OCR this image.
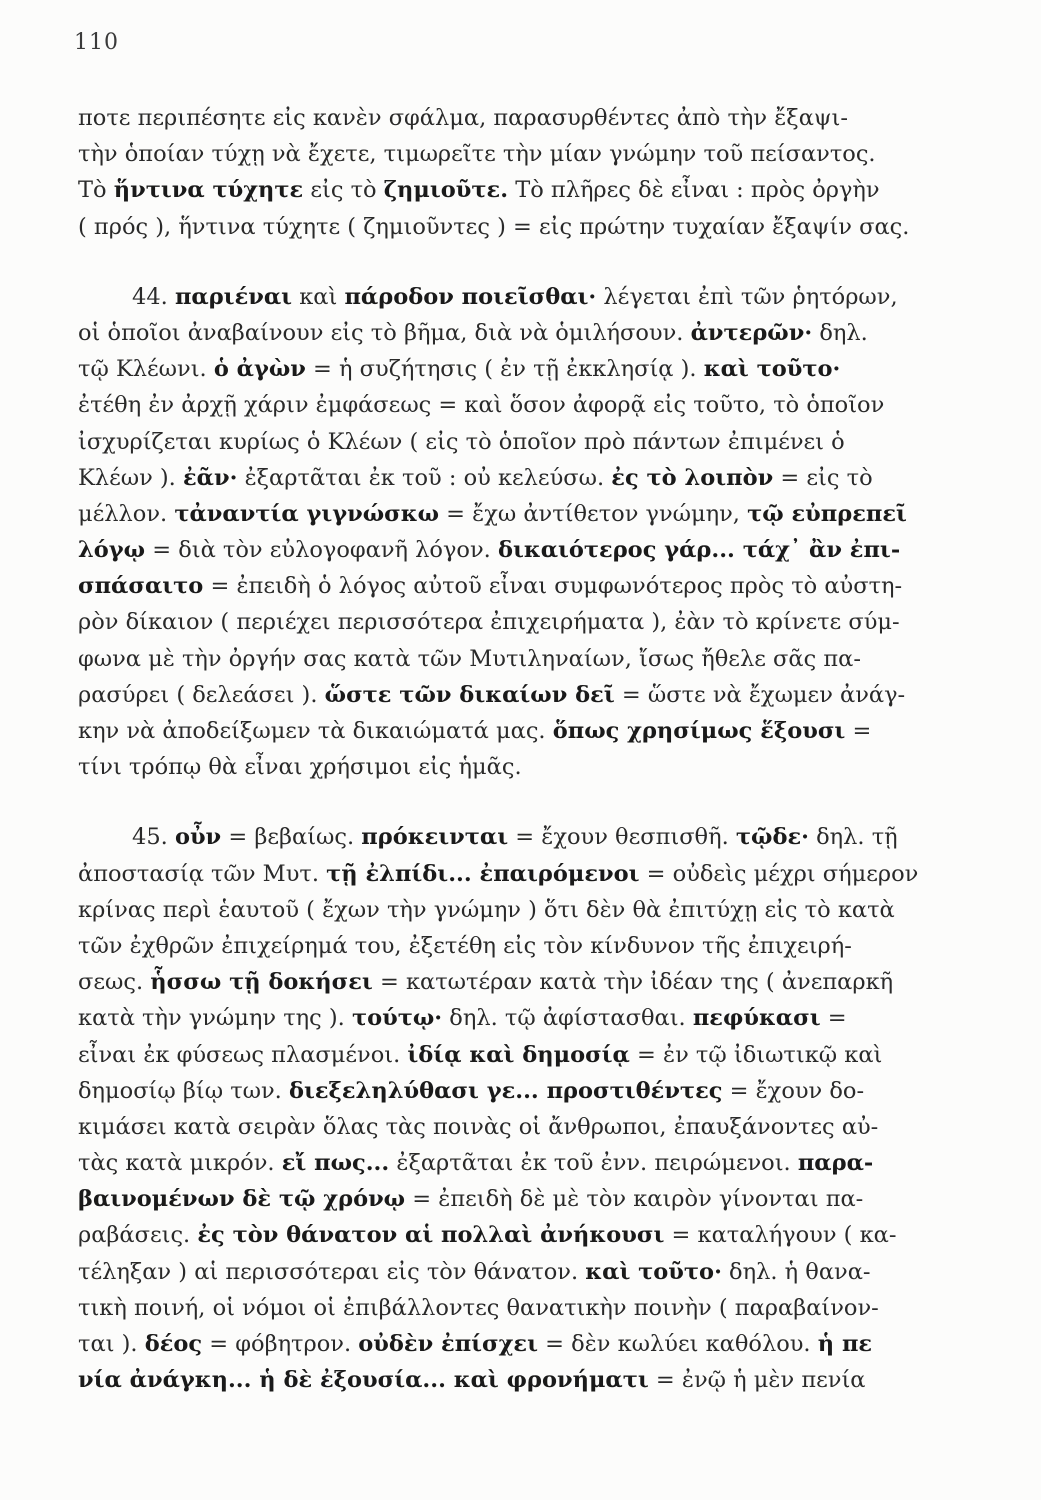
110
ποτε περιπέσητε εἰς κανὲν σφάλμα, παρασυρθέντες ἀπὸ τὴν ἔξαψι-
τὴν ὁποίαν τύχῃ νὰ ἔχετε, τιμωρεῖτε τὴν μίαν γνώμην τοῦ πείσαντος.
Τὸ ἥντινα τύχητε εἰς τὸ ζημιοῦτε. Τὸ πλῆρες δὲ εἶναι : πρὸς ὀργὴν
( πρός ), ἥντινα τύχητε ( ζημιοῦντες ) = εἰς πρώτην τυχαίαν ἔξαψίν σας.
44. παριέναι καὶ πάροδον ποιεῖσθαι· λέγεται ἐπὶ τῶν ῥητόρων,
οἱ ὁποῖοι ἀναβαίνουν εἰς τὸ βῆμα, διὰ νὰ ὁμιλήσουν. ἀντερῶν· δηλ.
τῷ Κλέωνι. ὁ ἀγὼν = ἡ συζήτησις ( ἐν τῇ ἐκκλησίᾳ ). καὶ τοῦτο·
ἐτέθη ἐν ἀρχῇ χάριν ἐμφάσεως = καὶ ὅσον ἀφορᾷ εἰς τοῦτο, τὸ ὁποῖον
ἰσχυρίζεται κυρίως ὁ Κλέων ( εἰς τὸ ὁποῖον πρὸ πάντων ἐπιμένει ὁ
Κλέων ). ἐᾶν· ἐξαρτᾶται ἐκ τοῦ : οὐ κελεύσω. ἐς τὸ λοιπὸν = εἰς τὸ
μέλλον. τἀναντία γιγνώσκω = ἔχω ἀντίθετον γνώμην, τῷ εὐπρεπεῖ
λόγῳ = διὰ τὸν εὐλογοφανῆ λόγον. δικαιότερος γάρ... τάχ᾽ ἂν ἐπι-
σπάσαιτο = ἐπειδὴ ὁ λόγος αὐτοῦ εἶναι συμφωνότερος πρὸς τὸ αὐστη-
ρὸν δίκαιον ( περιέχει περισσότερα ἐπιχειρήματα ), ἐὰν τὸ κρίνετε σύμ-
φωνα μὲ τὴν ὀργήν σας κατὰ τῶν Μυτιληναίων, ἴσως ἤθελε σᾶς πα-
ρασύρει ( δελεάσει ). ὥστε τῶν δικαίων δεῖ = ὥστε νὰ ἔχωμεν ἀνάγ-
κην νὰ ἀποδείξωμεν τὰ δικαιώματά μας. ὅπως χρησίμως ἕξουσι =
τίνι τρόπῳ θὰ εἶναι χρήσιμοι εἰς ἡμᾶς.
45. οὖν = βεβαίως. πρόκεινται = ἔχουν θεσπισθῆ. τῷδε· δηλ. τῇ
ἀποστασίᾳ τῶν Μυτ. τῇ ἐλπίδι... ἐπαιρόμενοι = οὐδεὶς μέχρι σήμερον
κρίνας περὶ ἑαυτοῦ ( ἔχων τὴν γνώμην ) ὅτι δὲν θὰ ἐπιτύχῃ εἰς τὸ κατὰ
τῶν ἐχθρῶν ἐπιχείρημά του, ἐξετέθη εἰς τὸν κίνδυνον τῆς ἐπιχειρή-
σεως. ἧσσω τῇ δοκήσει = κατωτέραν κατὰ τὴν ἰδέαν της ( ἀνεπαρκῆ
κατὰ τὴν γνώμην της ). τούτῳ· δηλ. τῷ ἀφίστασθαι. πεφύκασι =
εἶναι ἐκ φύσεως πλασμένοι. ἰδίᾳ καὶ δημοσίᾳ = ἐν τῷ ἰδιωτικῷ καὶ
δημοσίῳ βίῳ των. διεξεληλύθασι γε... προστιθέντες = ἔχουν δο-
κιμάσει κατὰ σειρὰν ὅλας τὰς ποινὰς οἱ ἄνθρωποι, ἐπαυξάνοντες αὐ-
τὰς κατὰ μικρόν. εἴ πως... ἐξαρτᾶται ἐκ τοῦ ἐνν. πειρώμενοι. παρα-
βαινομένων δὲ τῷ χρόνῳ = ἐπειδὴ δὲ μὲ τὸν καιρὸν γίνονται πα-
ραβάσεις. ἐς τὸν θάνατον αἱ πολλαὶ ἀνήκουσι = καταλήγουν ( κα-
τέληξαν ) αἱ περισσότεραι εἰς τὸν θάνατον. καὶ τοῦτο· δηλ. ἡ θανα-
τικὴ ποινή, οἱ νόμοι οἱ ἐπιβάλλοντες θανατικὴν ποινὴν ( παραβαίνον-
ται ). δέος = φόβητρον. οὐδὲν ἐπίσχει = δὲν κωλύει καθόλου. ἡ πε
νία ἀνάγκη... ἡ δὲ ἐξουσία... καὶ φρονήματι = ἐνῷ ἡ μὲν πενία
